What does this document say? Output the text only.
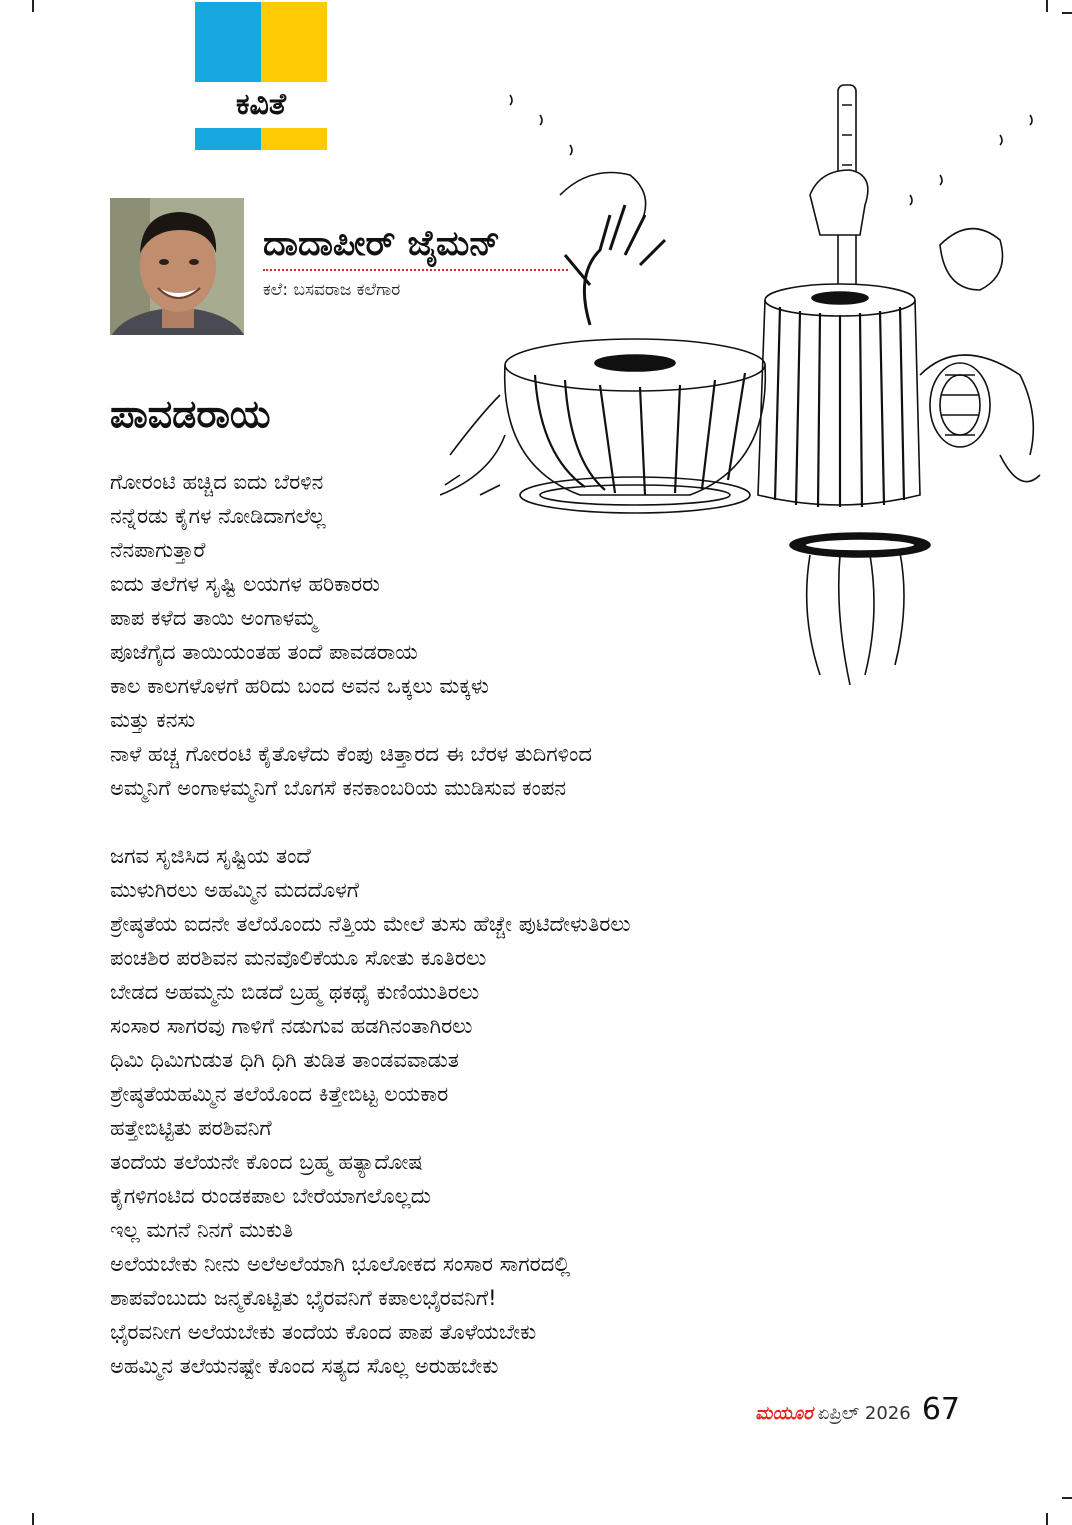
ಕವಿತೆ
ದಾದಾಪೀರ್ ಜೈಮನ್
ಕಲೆ: ಬಸವರಾಜ ಕಲೆಗಾರ
ಪಾವಡರಾಯ
ಗೋರಂಟಿ ಹಚ್ಚಿದ ಐದು ಬೆರಳಿನ
ನನ್ನೆರಡು ಕೈಗಳ ನೋಡಿದಾಗಲೆಲ್ಲ
ನೆನಪಾಗುತ್ತಾರೆ
ಐದು ತಲೆಗಳ ಸೃಷ್ಟಿ ಲಯಗಳ ಹರಿಕಾರರು
ಪಾಪ ಕಳೆದ ತಾಯಿ ಅಂಗಾಳಮ್ಮ
ಪೂಜೆಗೈದ ತಾಯಿಯಂತಹ ತಂದೆ ಪಾವಡರಾಯ
ಕಾಲ ಕಾಲಗಳೊಳಗೆ ಹರಿದು ಬಂದ ಅವನ ಒಕ್ಕಲು ಮಕ್ಕಳು
ಮತ್ತು ಕನಸು
ನಾಳೆ ಹಚ್ಚ ಗೋರಂಟಿ ಕೈತೊಳೆದು ಕೆಂಪು ಚಿತ್ತಾರದ ಈ ಬೆರಳ ತುದಿಗಳಿಂದ
ಅಮ್ಮನಿಗೆ ಅಂಗಾಳಮ್ಮನಿಗೆ ಬೊಗಸೆ ಕನಕಾಂಬರಿಯ ಮುಡಿಸುವ ಕಂಪನ
ಜಗವ ಸೃಜಿಸಿದ ಸೃಷ್ಟಿಯ ತಂದೆ
ಮುಳುಗಿರಲು ಅಹಮ್ಮಿನ ಮದದೊಳಗೆ
ಶ್ರೇಷ್ಠತೆಯ ಐದನೇ ತಲೆಯೊಂದು ನೆತ್ತಿಯ ಮೇಲೆ ತುಸು ಹೆಚ್ಚೇ ಪುಟಿದೇಳುತಿರಲು
ಪಂಚಶಿರ ಪರಶಿವನ ಮನವೊಲಿಕೆಯೂ ಸೋತು ಕೂತಿರಲು
ಬೇಡದ ಅಹಮ್ಮನು ಬಿಡದೆ ಬ್ರಹ್ಮ ಥಕಥೈ ಕುಣಿಯುತಿರಲು
ಸಂಸಾರ ಸಾಗರವು ಗಾಳಿಗೆ ನಡುಗುವ ಹಡಗಿನಂತಾಗಿರಲು
ಧಿಮಿ ಧಿಮಿಗುಡುತ ಧಿಗಿ ಧಿಗಿ ತುಡಿತ ತಾಂಡವವಾಡುತ
ಶ್ರೇಷ್ಠತೆಯಹಮ್ಮಿನ ತಲೆಯೊಂದ ಕಿತ್ತೇಬಿಟ್ಟ ಲಯಕಾರ
ಹತ್ತೇಬಿಟ್ಟಿತು ಪರಶಿವನಿಗೆ
ತಂದೆಯ ತಲೆಯನೇ ಕೊಂದ ಬ್ರಹ್ಮ ಹತ್ಯಾದೋಷ
ಕೈಗಳಿಗಂಟಿದ ರುಂಡಕಪಾಲ ಬೇರೆಯಾಗಲೊಲ್ಲದು
ಇಲ್ಲ ಮಗನೆ ನಿನಗೆ ಮುಕುತಿ
ಅಲೆಯಬೇಕು ನೀನು ಅಲೆಅಲೆಯಾಗಿ ಭೂಲೋಕದ ಸಂಸಾರ ಸಾಗರದಲ್ಲಿ
ಶಾಪವೆಂಬುದು ಜನ್ಮಕೊಟ್ಟಿತು ಭೈರವನಿಗೆ ಕಪಾಲಭೈರವನಿಗೆ!
ಭೈರವನೀಗ ಅಲೆಯಬೇಕು ತಂದೆಯ ಕೊಂದ ಪಾಪ ತೊಳೆಯಬೇಕು
ಅಹಮ್ಮಿನ ತಲೆಯನಷ್ಟೇ ಕೊಂದ ಸತ್ಯದ ಸೊಲ್ಲ ಅರುಹಬೇಕು
ಮಯೂರ ಏಪ್ರಿಲ್ 2026 67
